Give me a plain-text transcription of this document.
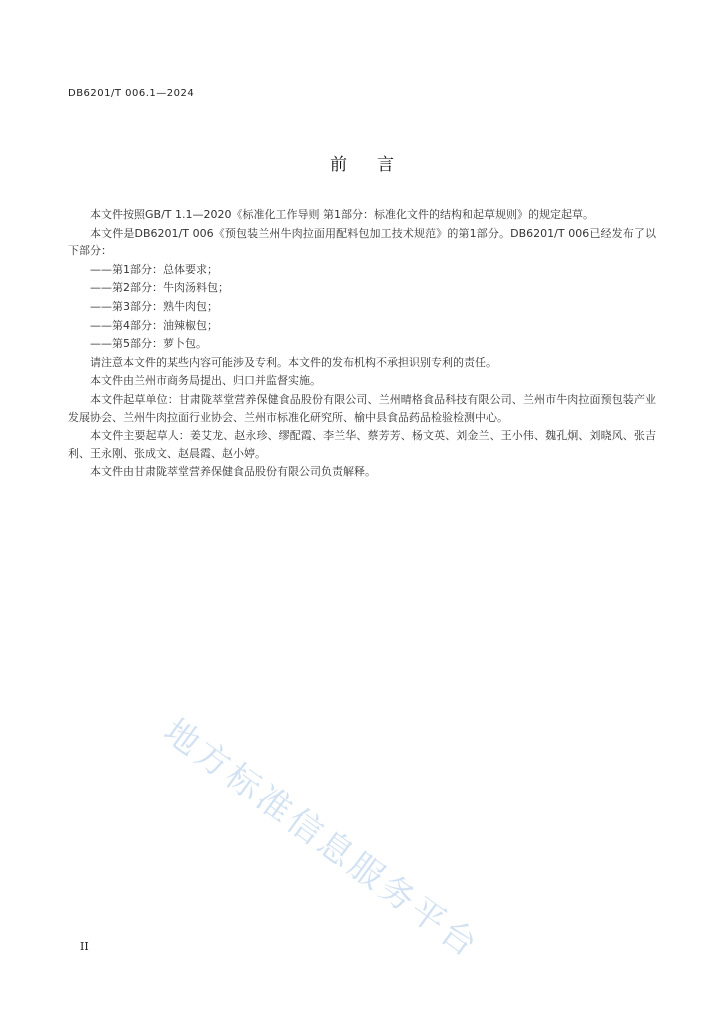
DB6201/T 006.1—2024
前言

本文件按照GB/T 1.1—2020《标准化工作导则 第1部分：标准化文件的结构和起草规则》的规定起草。

本文件是DB6201/T 006《预包装兰州牛肉拉面用配料包加工技术规范》的第1部分。DB6201/T 006已经发布了以下部分：

——第1部分：总体要求；

——第2部分：牛肉汤料包；

——第3部分：熟牛肉包；

——第4部分：油辣椒包；

——第5部分：萝卜包。

请注意本文件的某些内容可能涉及专利。本文件的发布机构不承担识别专利的责任。

本文件由兰州市商务局提出、归口并监督实施。

本文件起草单位：甘肃陇萃堂营养保健食品股份有限公司、兰州晴格食品科技有限公司、兰州市牛肉拉面预包装产业发展协会、兰州牛肉拉面行业协会、兰州市标准化研究所、榆中县食品药品检验检测中心。

本文件主要起草人：姜艾龙、赵永珍、缪配霞、李兰华、蔡芳芳、杨文英、刘金兰、王小伟、魏孔炯、刘晓风、张吉利、王永刚、张成文、赵晨霞、赵小婷。

本文件由甘肃陇萃堂营养保健食品股份有限公司负责解释。

地方标准信息服务平台
II
